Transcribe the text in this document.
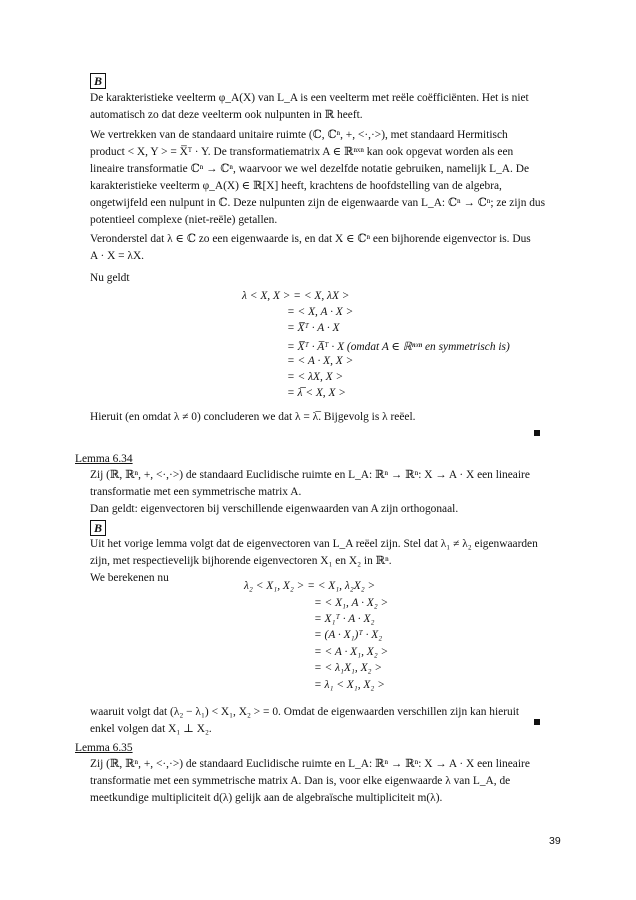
B
De karakteristieke veelterm φ_A(X) van L_A is een veelterm met reële coëfficiënten. Het is niet
automatisch zo dat deze veelterm ook nulpunten in ℝ heeft.
We vertrekken van de standaard unitaire ruimte (ℂ, ℂⁿ, +, <·,·>), met standaard Hermitisch
product < X, Y > = X̅ᵀ · Y. De transformatiematrix A ∈ ℝⁿˣⁿ kan ook opgevat worden als een
lineaire transformatie ℂⁿ → ℂⁿ, waarvoor we wel dezelfde notatie gebruiken, namelijk L_A. De
karakteristieke veelterm φ_A(X) ∈ ℝ[X] heeft, krachtens de hoofdstelling van de algebra,
ongetwijfeld een nulpunt in ℂ. Deze nulpunten zijn de eigenwaarde van L_A: ℂⁿ → ℂⁿ; ze zijn dus
potentieel complexe (niet-reële) getallen.
Veronderstel dat λ ∈ ℂ zo een eigenwaarde is, en dat X ∈ ℂⁿ een bijhorende eigenvector is. Dus
A · X = λX.
Nu geldt
λ < X, X > = < X, λX >
= < X, A · X >
= X̅ᵀ · A · X
= X̅ᵀ · A̅ᵀ · X (omdat A ∈ ℝⁿˣⁿ en symmetrisch is)
= < A · X, X >
= < λX, X >
= λ̅ < X, X >
Hieruit (en omdat λ ≠ 0) concluderen we dat λ = λ̅. Bijgevolg is λ reëel.
Lemma 6.34
Zij (ℝ, ℝⁿ, +, <·,·>) de standaard Euclidische ruimte en L_A: ℝⁿ → ℝⁿ: X → A · X een lineaire
transformatie met een symmetrische matrix A.
Dan geldt: eigenvectoren bij verschillende eigenwaarden van A zijn orthogonaal.
B
Uit het vorige lemma volgt dat de eigenvectoren van L_A reëel zijn. Stel dat λ₁ ≠ λ₂ eigenwaarden
zijn, met respectievelijk bijhorende eigenvectoren X₁ en X₂ in ℝⁿ.
We berekenen nu
λ₂ < X₁, X₂ > = < X₁, λ₂X₂ >
= < X₁, A · X₂ >
= X₁ᵀ · A · X₂
= (A · X₁)ᵀ · X₂
= < A · X₁, X₂ >
= < λ₁X₁, X₂ >
= λ₁ < X₁, X₂ >
waaruit volgt dat (λ₂ − λ₁) < X₁, X₂ > = 0. Omdat de eigenwaarden verschillen zijn kan hieruit
enkel volgen dat X₁ ⊥ X₂.
Lemma 6.35
Zij (ℝ, ℝⁿ, +, <·,·>) de standaard Euclidische ruimte en L_A: ℝⁿ → ℝⁿ: X → A · X een lineaire
transformatie met een symmetrische matrix A. Dan is, voor elke eigenwaarde λ van L_A, de
meetkundige multipliciteit d(λ) gelijk aan de algebraïsche multipliciteit m(λ).
39
